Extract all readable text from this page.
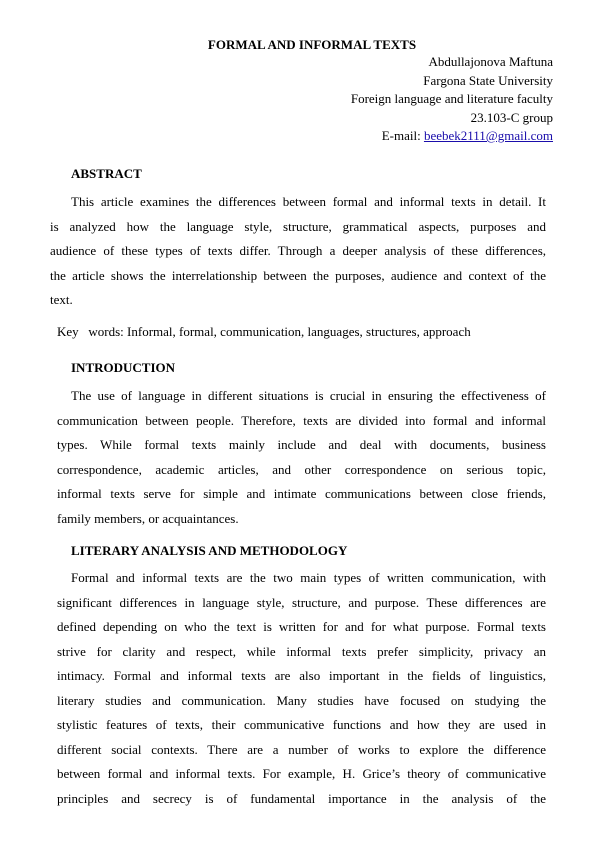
FORMAL AND INFORMAL TEXTS
Abdullajonova Maftuna
Fargona State University
Foreign language and literature faculty
23.103-C group
E-mail: beebek2111@gmail.com
ABSTRACT
This article examines the differences between formal and informal texts in detail. It
is analyzed how the language style, structure, grammatical aspects, purposes and
audience of these types of texts differ. Through a deeper analysis of these differences,
the article shows the interrelationship between the purposes, audience and context of the
text.
Key   words: Informal, formal, communication, languages, structures, approach
INTRODUCTION
The use of language in different situations is crucial in ensuring the effectiveness of
communication between people. Therefore, texts are divided into formal and informal
types. While formal texts mainly include and deal with documents, business
correspondence, academic articles, and other correspondence on serious topic,
informal texts serve for simple and intimate communications between close friends,
family members, or acquaintances.
LITERARY ANALYSIS AND METHODOLOGY
Formal and informal texts are the two main types of written communication, with
significant differences in language style, structure, and purpose. These differences are
defined depending on who the text is written for and for what purpose. Formal texts
strive for clarity and respect, while informal texts prefer simplicity, privacy an
intimacy. Formal and informal texts are also important in the fields of linguistics,
literary studies and communication. Many studies have focused on studying the
stylistic features of texts, their communicative functions and how they are used in
different social contexts. There are a number of works to explore the difference
between formal and informal texts. For example, H. Grice’s theory of communicative
principles and secrecy is of fundamental importance in the analysis of the
